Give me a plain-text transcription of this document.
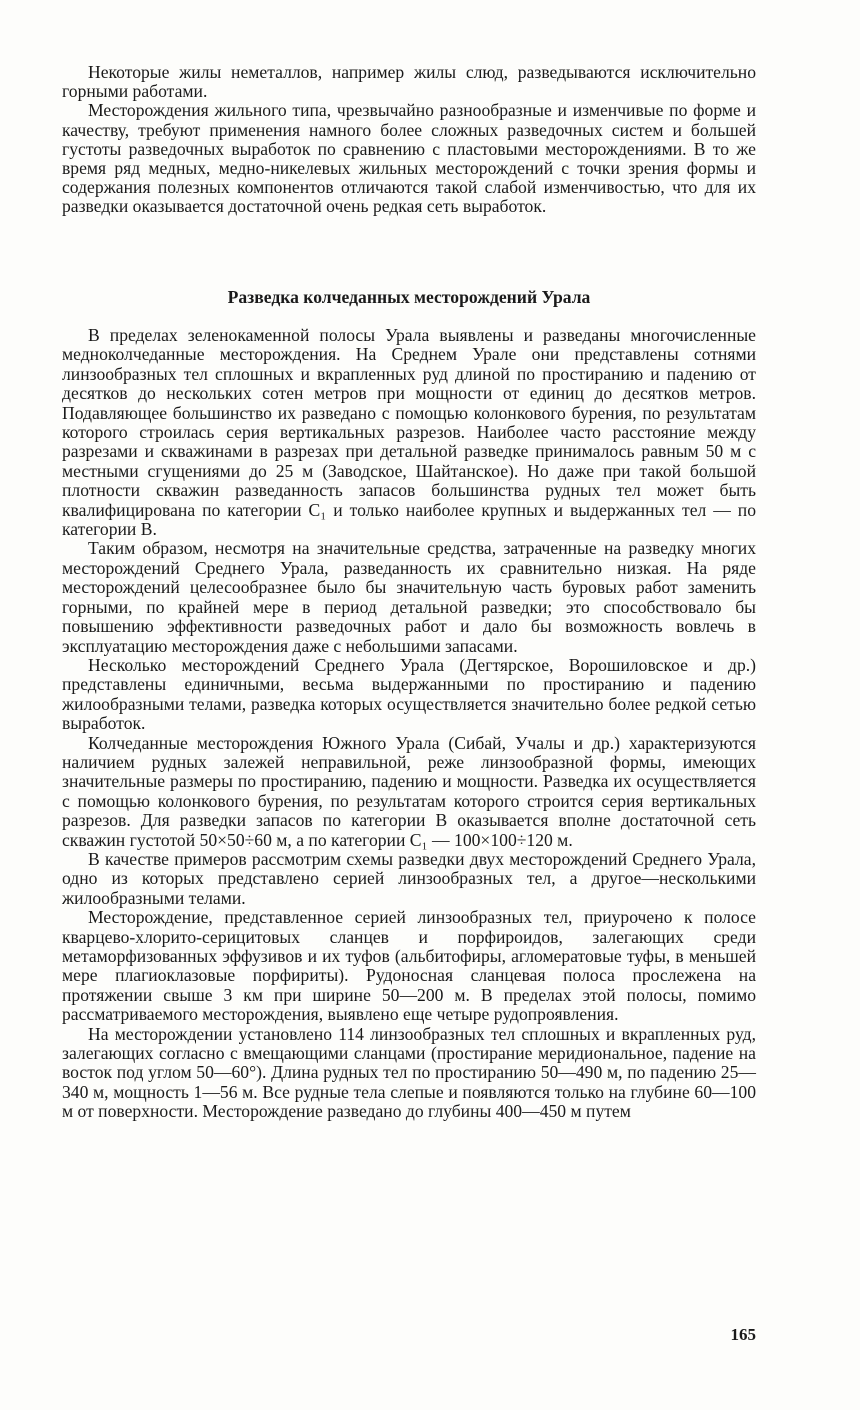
Некоторые жилы неметаллов, например жилы слюд, разведываются исключительно горными работами.

Месторождения жильного типа, чрезвычайно разнообразные и изменчивые по форме и качеству, требуют применения намного более сложных разведочных систем и большей густоты разведочных выработок по сравнению с пластовыми месторождениями. В то же время ряд медных, медно-никелевых жильных месторождений с точки зрения формы и содержания полезных компонентов отличаются такой слабой изменчивостью, что для их разведки оказывается достаточной очень редкая сеть выработок.

Разведка колчеданных месторождений Урала

В пределах зеленокаменной полосы Урала выявлены и разведаны многочисленные медноколчеданные месторождения. На Среднем Урале они представлены сотнями линзообразных тел сплошных и вкрапленных руд длиной по простиранию и падению от десятков до нескольких сотен метров при мощности от единиц до десятков метров. Подавляющее большинство их разведано с помощью колонкового бурения, по результатам которого строилась серия вертикальных разрезов. Наиболее часто расстояние между разрезами и скважинами в разрезах при детальной разведке принималось равным 50 м с местными сгущениями до 25 м (Заводское, Шайтанское). Но даже при такой большой плотности скважин разведанность запасов большинства рудных тел может быть квалифицирована по категории C₁ и только наиболее крупных и выдержанных тел — по категории B.

Таким образом, несмотря на значительные средства, затраченные на разведку многих месторождений Среднего Урала, разведанность их сравнительно низкая. На ряде месторождений целесообразнее было бы значительную часть буровых работ заменить горными, по крайней мере в период детальной разведки; это способствовало бы повышению эффективности разведочных работ и дало бы возможность вовлечь в эксплуатацию месторождения даже с небольшими запасами.

Несколько месторождений Среднего Урала (Дегтярское, Ворошиловское и др.) представлены единичными, весьма выдержанными по простиранию и падению жилообразными телами, разведка которых осуществляется значительно более редкой сетью выработок.

Колчеданные месторождения Южного Урала (Сибай, Учалы и др.) характеризуются наличием рудных залежей неправильной, реже линзообразной формы, имеющих значительные размеры по простиранию, падению и мощности. Разведка их осуществляется с помощью колонкового бурения, по результатам которого строится серия вертикальных разрезов. Для разведки запасов по категории B оказывается вполне достаточной сеть скважин густотой 50×50÷60 м, а по категории C₁ — 100×100÷120 м.

В качестве примеров рассмотрим схемы разведки двух месторождений Среднего Урала, одно из которых представлено серией линзообразных тел, а другое—несколькими жилообразными телами.

Месторождение, представленное серией линзообразных тел, приурочено к полосе кварцево-хлорито-серицитовых сланцев и порфироидов, залегающих среди метаморфизованных эффузивов и их туфов (альбитофиры, агломератовые туфы, в меньшей мере плагиоклазовые порфириты). Рудоносная сланцевая полоса прослежена на протяжении свыше 3 км при ширине 50—200 м. В пределах этой полосы, помимо рассматриваемого месторождения, выявлено еще четыре рудопроявления.

На месторождении установлено 114 линзообразных тел сплошных и вкрапленных руд, залегающих согласно с вмещающими сланцами (простирание меридиональное, падение на восток под углом 50—60°). Длина рудных тел по простиранию 50—490 м, по падению 25—340 м, мощность 1—56 м. Все рудные тела слепые и появляются только на глубине 60—100 м от поверхности. Месторождение разведано до глубины 400—450 м путем

165
